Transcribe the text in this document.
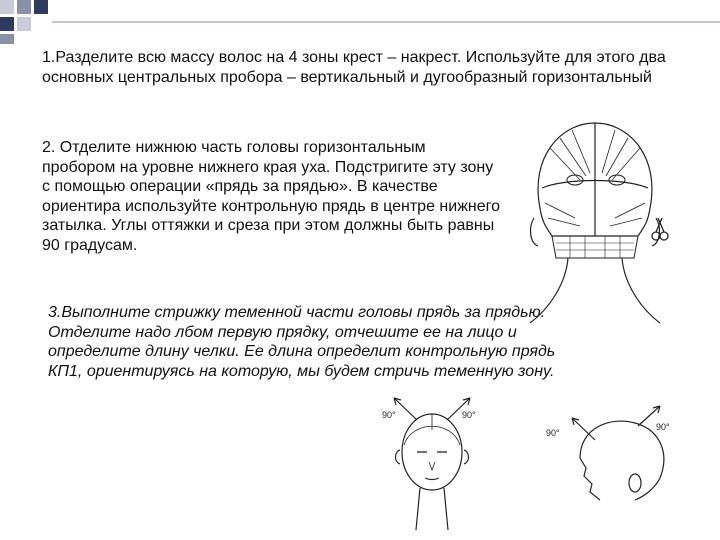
1.Разделите всю массу волос на 4 зоны крест – накрест. Используйте для этого два основных центральных пробора – вертикальный и дугообразный горизонтальный

2. Отделите нижнюю часть головы горизонтальным пробором на уровне нижнего края уха. Подстригите эту зону с помощью операции «прядь за прядью». В качестве ориентира используйте контрольную прядь в центре нижнего затылка. Углы оттяжки и среза при этом должны быть равны 90 градусам.

3.Выполните стрижку теменной части головы прядь за прядью. Отделите надо лбом первую прядку, отчешите ее на лицо и определите длину челки. Ее длина определит контрольную прядь КП1, ориентируясь на которую, мы будем стричь теменную зону.

90°	90°
90°
90°
